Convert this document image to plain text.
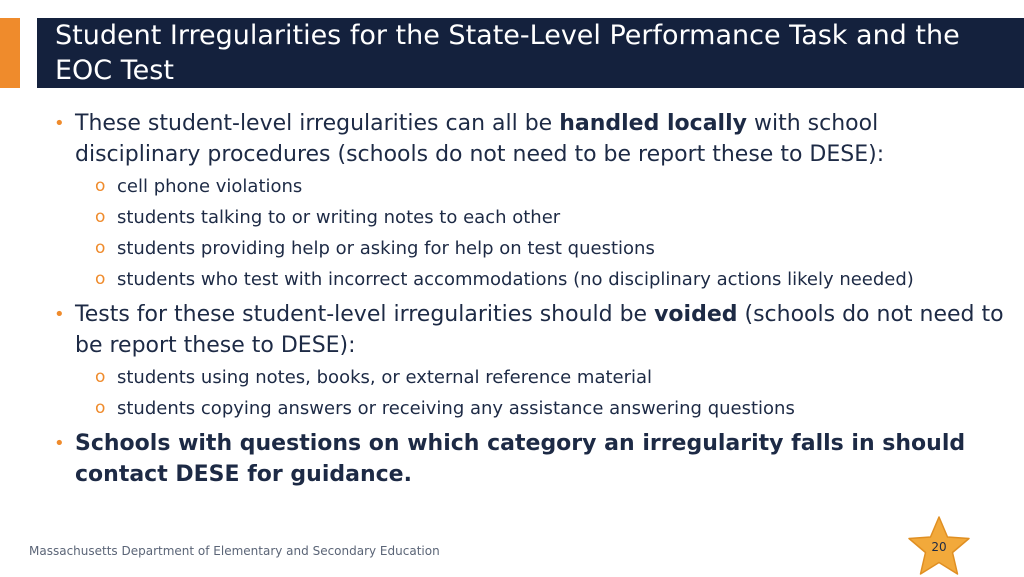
Student Irregularities for the State-Level Performance Task and the EOC Test
• These student-level irregularities can all be handled locally with school disciplinary procedures (schools do not need to be report these to DESE):
o cell phone violations
o students talking to or writing notes to each other
o students providing help or asking for help on test questions
o students who test with incorrect accommodations (no disciplinary actions likely needed)
• Tests for these student-level irregularities should be voided (schools do not need to be report these to DESE):
o students using notes, books, or external reference material
o students copying answers or receiving any assistance answering questions
• Schools with questions on which category an irregularity falls in should contact DESE for guidance.
Massachusetts Department of Elementary and Secondary Education	20
